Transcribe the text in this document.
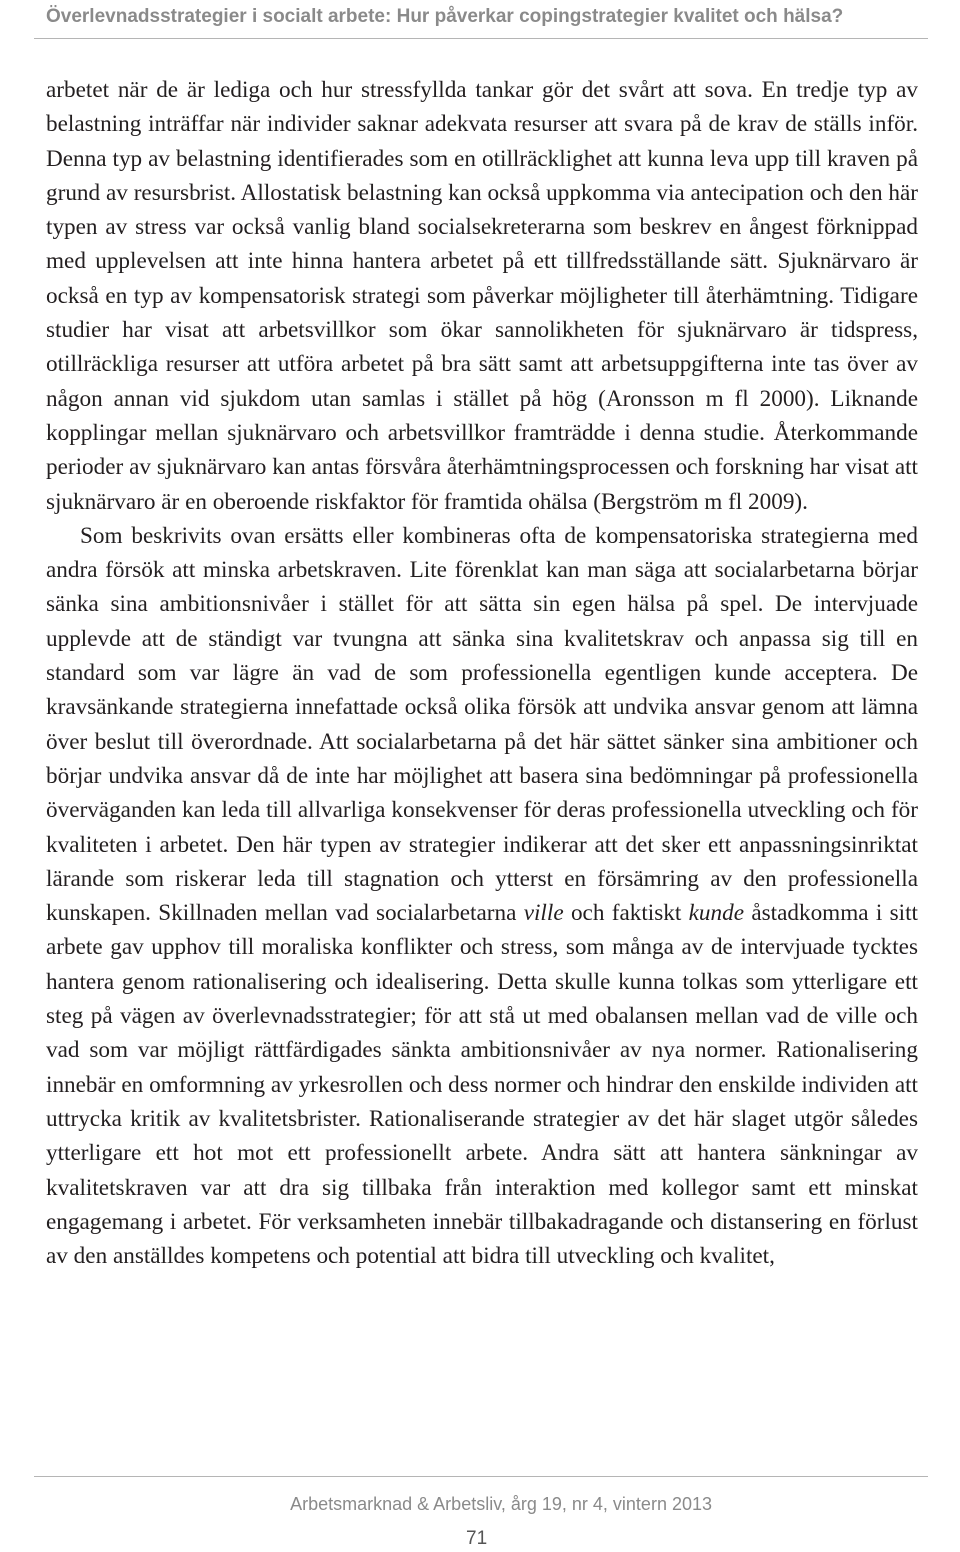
Överlevnadsstrategier i socialt arbete: Hur påverkar copingstrategier kvalitet och hälsa?

arbetet när de är lediga och hur stressfyllda tankar gör det svårt att sova. En tredje typ av belastning inträffar när individer saknar adekvata resurser att svara på de krav de ställs inför. Denna typ av belastning identifierades som en otillräcklighet att kunna leva upp till kraven på grund av resursbrist. Allostatisk belastning kan också uppkomma via antecipation och den här typen av stress var också vanlig bland socialsekreterarna som beskrev en ångest förknippad med upplevelsen att inte hinna hantera arbetet på ett tillfredsställande sätt. Sjuknärvaro är också en typ av kompensatorisk strategi som påverkar möjligheter till återhämtning. Tidigare studier har visat att arbetsvillkor som ökar sannolikheten för sjuknärvaro är tidspress, otillräckliga resurser att utföra arbetet på bra sätt samt att arbetsuppgifterna inte tas över av någon annan vid sjukdom utan samlas i stället på hög (Aronsson m fl 2000). Liknande kopplingar mellan sjuknärvaro och arbetsvillkor framträdde i denna studie. Återkommande perioder av sjuknärvaro kan antas försvåra återhämtningsprocessen och forskning har visat att sjuknärvaro är en oberoende riskfaktor för framtida ohälsa (Bergström m fl 2009).

Som beskrivits ovan ersätts eller kombineras ofta de kompensatoriska strategierna med andra försök att minska arbetskraven. Lite förenklat kan man säga att socialarbetarna börjar sänka sina ambitionsnivåer i stället för att sätta sin egen hälsa på spel. De intervjuade upplevde att de ständigt var tvungna att sänka sina kvalitetskrav och anpassa sig till en standard som var lägre än vad de som professionella egentligen kunde acceptera. De kravsänkande strategierna innefattade också olika försök att undvika ansvar genom att lämna över beslut till överordnade. Att socialarbetarna på det här sättet sänker sina ambitioner och börjar undvika ansvar då de inte har möjlighet att basera sina bedömningar på professionella överväganden kan leda till allvarliga konsekvenser för deras professionella utveckling och för kvaliteten i arbetet. Den här typen av strategier indikerar att det sker ett anpassningsinriktat lärande som riskerar leda till stagnation och ytterst en försämring av den professionella kunskapen. Skillnaden mellan vad socialarbetarna ville och faktiskt kunde åstadkomma i sitt arbete gav upphov till moraliska konflikter och stress, som många av de intervjuade tycktes hantera genom rationalisering och idealisering. Detta skulle kunna tolkas som ytterligare ett steg på vägen av överlevnadsstrategier; för att stå ut med obalansen mellan vad de ville och vad som var möjligt rättfärdigades sänkta ambitionsnivåer av nya normer. Rationalisering innebär en omformning av yrkesrollen och dess normer och hindrar den enskilde individen att uttrycka kritik av kvalitetsbrister. Rationaliserande strategier av det här slaget utgör således ytterligare ett hot mot ett professionellt arbete. Andra sätt att hantera sänkningar av kvalitetskraven var att dra sig tillbaka från interaktion med kollegor samt ett minskat engagemang i arbetet. För verksamheten innebär tillbakadragande och distansering en förlust av den anställdes kompetens och potential att bidra till utveckling och kvalitet,

Arbetsmarknad & Arbetsliv, årg 19, nr 4, vintern 2013
71
